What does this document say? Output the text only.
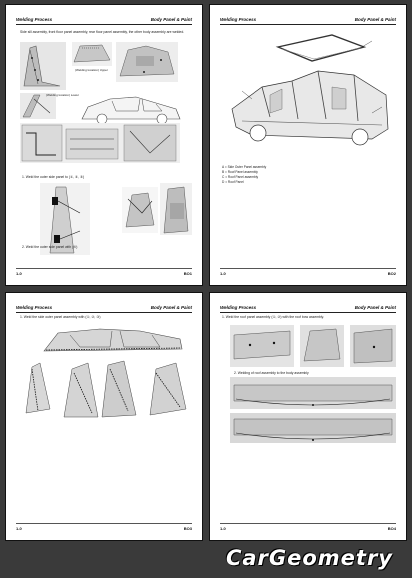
Welding Process	Body Panel & Paint
Side sill assembly, front floor panel assembly, rear floor panel assembly, the other body assembly are welded.
(Welding location) Upper
(Welding location) Lower
1. Weld the outer side panel to (①, ②, ③)
2. Weld the outer side panel with (④)
1-0	BO1
Welding Process	Body Panel & Paint
A = Side Outer Panel assembly
B = Roof Panel assembly
C = Roof Panel assembly
D = Roof Panel
1-0	BO2
Welding Process	Body Panel & Paint
1. Weld the side outer panel assembly with (①, ②, ③)
1-0	BO3
Welding Process	Body Panel & Paint
1. Weld the roof panel assembly (①, ②) with the roof bow assembly.
2. Welding of roof assembly to the body assembly
1-0	BO4
CarGeometry
